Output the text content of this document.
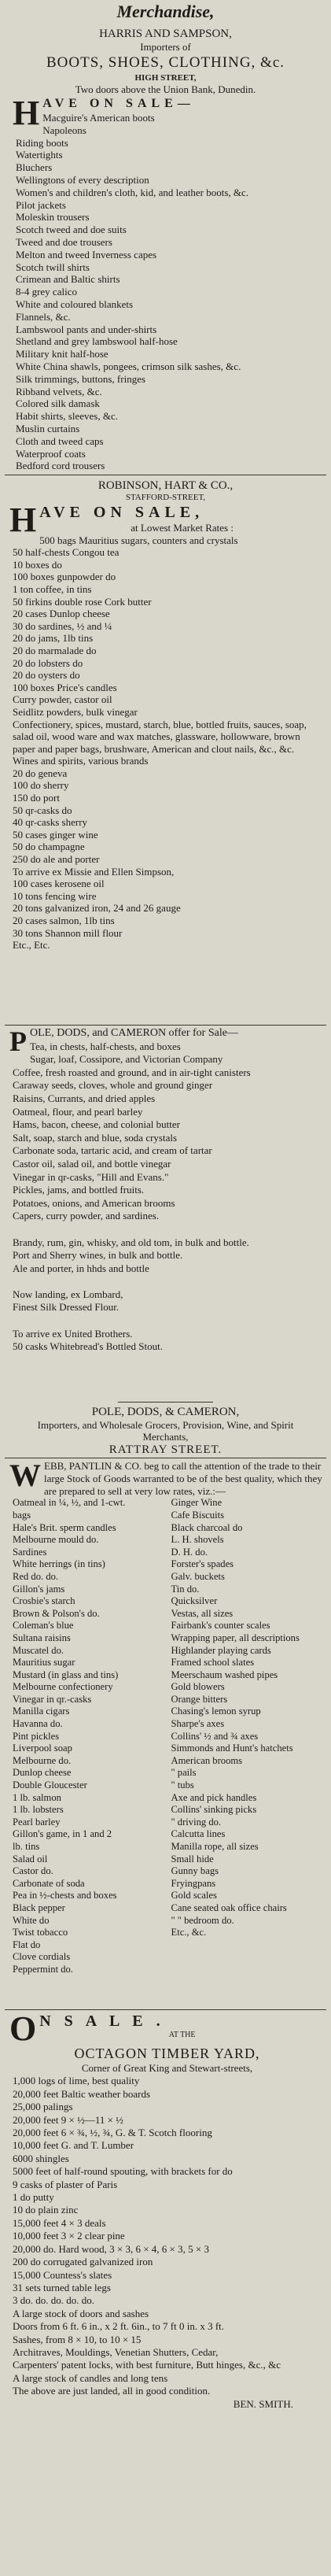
Merchandise,
HARRIS AND SAMPSON,
Importers of
BOOTS, SHOES, CLOTHING, &c.
HIGH STREET,
Two doors above the Union Bank, Dunedin.
H AVE ON SALE—
Macguire's American boots
Napoleons
Riding boots
Watertights
Bluchers
Wellingtons of every description
Women's and children's cloth, kid, and leather boots, &c.
Pilot jackets
Moleskin trousers
Scotch tweed and doe suits
Tweed and doe trousers
Melton and tweed Inverness capes
Scotch twill shirts
Crimean and Baltic shirts
8-4 grey calico
White and coloured blankets
Flannels, &c.
Lambswool pants and under-shirts
Shetland and grey lambswool half-hose
Military knit half-hose
White China shawls, pongees, crimson silk sashes, &c.
Silk trimmings, buttons, fringes
Ribband velvets, &c.
Colored silk damask
Habit shirts, sleeves, &c.
Muslin curtains
Cloth and tweed caps
Waterproof coats
Bedford cord trousers
ROBINSON, HART & CO.,
STAFFORD-STREET,
H AVE ON SALE,
at Lowest Market Rates :
500 bags Mauritius sugars, counters and crystals
50 half-chests Congou tea
10 boxes do
100 boxes gunpowder do
1 ton coffee, in tins
50 firkins double rose Cork butter
20 cases Dunlop cheese
30 do sardines, ½ and ¼
20 do jams, 1lb tins
20 do marmalade do
20 do lobsters do
20 do oysters do
100 boxes Price's candles
Curry powder, castor oil
Seidlitz powders, bulk vinegar
Confectionery, spices, mustard, starch, blue, bottled fruits, sauces, soap, salad oil, wood ware and wax matches, glassware, hollowware, brown paper and paper bags, brushware, American and clout nails, &c., &c.
Wines and spirits, various brands
20 do geneva
100 do sherry
150 do port
50 qr-casks do
40 qr-casks sherry
50 cases ginger wine
50 do champagne
250 do ale and porter
To arrive ex Missie and Ellen Simpson,
100 cases kerosene oil
10 tons fencing wire
20 tons galvanized iron, 24 and 26 gauge
20 cases salmon, 1lb tins
30 tons Shannon mill flour
Etc., Etc.
P OLE, DODS, and CAMERON offer for Sale—
Tea, in chests, half-chests, and boxes
Sugar, loaf, Cossipore, and Victorian Company
Coffee, fresh roasted and ground, and in air-tight canisters
Caraway seeds, cloves, whole and ground ginger
Raisins, Currants, and dried apples
Oatmeal, flour, and pearl barley
Hams, bacon, cheese, and colonial butter
Salt, soap, starch and blue, soda crystals
Carbonate soda, tartaric acid, and cream of tartar
Castor oil, salad oil, and bottle vinegar
Vinegar in qr-casks, "Hill and Evans."
Pickles, jams, and bottled fruits.
Potatoes, onions, and American brooms
Capers, curry powder, and sardines.

Brandy, rum, gin, whisky, and old tom, in bulk and bottle.
Port and Sherry wines, in bulk and bottle.
Ale and porter, in hhds and bottle

Now landing, ex Lombard,
Finest Silk Dressed Flour.

To arrive ex United Brothers.
50 casks Whitebread's Bottled Stout.
POLE, DODS, & CAMERON,
Importers, and Wholesale Grocers, Provision, Wine, and Spirit Merchants,
RATTRAY STREET.
W EBB, PANTLIN & CO. beg to call the attention of the trade to their large Stock of Goods warranted to be of the best quality, which they are prepared to sell at very low rates, viz.:—
Oatmeal in ¼, ½, and 1-cwt.
bags
Hale's Brit. sperm candles
Melbourne mould do.
Sardines
White herrings (in tins)
Red do. do.
Gillon's jams
Crosbie's starch
Brown & Polson's do.
Coleman's blue
Sultana raisins
Muscatel do.
Mauritius sugar
Mustard (in glass and tins)
Melbourne confectionery
Vinegar in qr.-casks
Manilla cigars
Havanna do.
Pint pickles
Liverpool soap
Melbourne do.
Dunlop cheese
Double Gloucester
1 lb. salmon
1 lb. lobsters
Pearl barley
Gillon's game, in 1 and 2
lb. tins
Salad oil
Castor do.
Carbonate of soda
Pea in ½-chests and boxes
Black pepper
White do
Twist tobacco
Flat do
Clove cordials
Peppermint do.
Ginger Wine
Cafe Biscuits
Black charcoal do
L. H. shovels
D. H. do.
Forster's spades
Galv. buckets
Tin do.
Quicksilver
Vestas, all sizes
Fairbank's counter scales
Wrapping paper, all descriptions
Highlander playing cards
Framed school slates
Meerschaum washed pipes
Gold blowers
Orange bitters
Chasing's lemon syrup
Sharpe's axes
Collins' ½ and ¾ axes
Simmonds and Hunt's hatchets
American brooms
" pails
" tubs
Axe and pick handles
Collins' sinking picks
" driving do.
Calcutta lines
Manilla rope, all sizes
Small hide
Gunny bags
Fryingpans
Gold scales
Cane seated oak office chairs
" " bedroom do.
Etc., &c.
O N S A L E .
AT THE
OCTAGON TIMBER YARD,
Corner of Great King and Stewart-streets,
1,000 logs of lime, best quality
20,000 feet Baltic weather boards
25,000 palings
20,000 feet 9 × ½—11 × ½
20,000 feet 6 × ¾, ½, ¾, G. & T. Scotch flooring
10,000 feet G. and T. Lumber
6000 shingles
5000 feet of half-round spouting, with brackets for do
9 casks of plaster of Paris
1 do putty
10 do plain zinc
15,000 feet 4 × 3 deals
10,000 feet 3 × 2 clear pine
20,000 do. Hard wood, 3 × 3, 6 × 4, 6 × 3, 5 × 3
200 do corrugated galvanized iron
15,000 Countess's slates
31 sets turned table legs
3 do. do. do. do. do.
A large stock of doors and sashes
Doors from 6 ft. 6 in., x 2 ft. 6in., to 7 ft 0 in. x 3 ft.
Sashes, from 8 × 10, to 10 × 15
Architraves, Mouldings, Venetian Shutters, Cedar,
Carpenters' patent locks, with best furniture, Butt hinges, &c., &c
A large stock of candles and long tens
The above are just landed, all in good condition.
BEN. SMITH.
